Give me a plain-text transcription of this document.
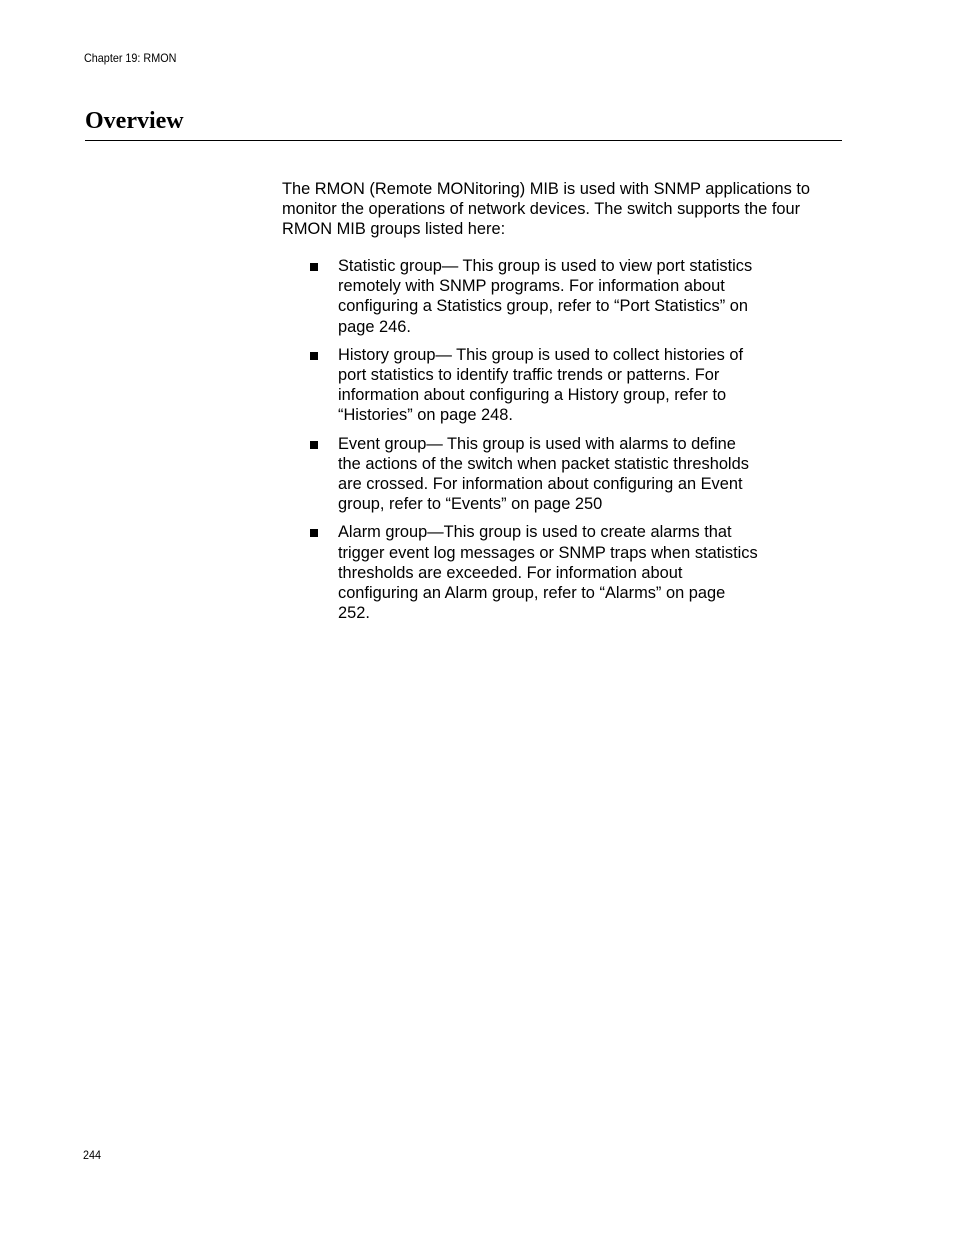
Chapter 19: RMON
Overview

The RMON (Remote MONitoring) MIB is used with SNMP applications to monitor the operations of network devices. The switch supports the four RMON MIB groups listed here:

Statistic group— This group is used to view port statistics remotely with SNMP programs. For information about configuring a Statistics group, refer to “Port Statistics” on page 246.
History group— This group is used to collect histories of port statistics to identify traffic trends or patterns. For information about configuring a History group, refer to “Histories” on page 248.
Event group— This group is used with alarms to define the actions of the switch when packet statistic thresholds are crossed. For information about configuring an Event group, refer to “Events” on page 250
Alarm group—This group is used to create alarms that trigger event log messages or SNMP traps when statistics thresholds are exceeded. For information about configuring an Alarm group, refer to “Alarms” on page 252.
244
